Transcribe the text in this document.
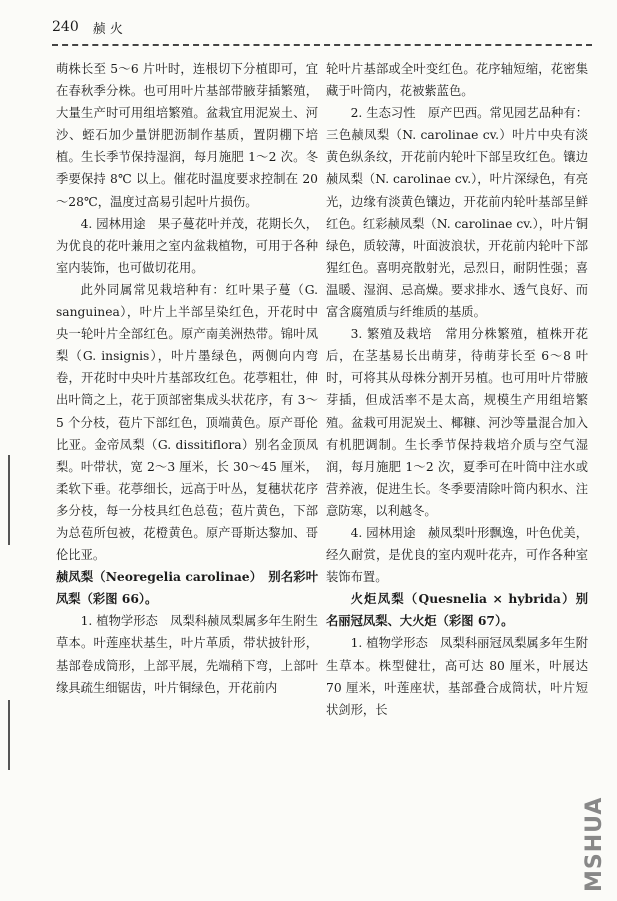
240 赪 火

萌株长至 5～6 片叶时，连根切下分植即可，宜在春秋季分株。也可用叶片基部带腋芽插繁殖，大量生产时可用组培繁殖。盆栽宜用泥炭土、河沙、蛭石加少量饼肥沥制作基质，置阴棚下培植。生长季节保持湿润，每月施肥 1～2 次。冬季要保持 8℃ 以上。催花时温度要求控制在 20～28℃，温度过高易引起叶片损伤。

4. 园林用途　果子蔓花叶并茂，花期长久，为优良的花叶兼用之室内盆栽植物，可用于各种室内装饰，也可做切花用。

此外同属常见栽培种有：红叶果子蔓（G. sanguinea），叶片上半部呈染红色，开花时中央一轮叶片全部红色。原产南美洲热带。锦叶凤梨（G. insignis），叶片墨绿色，两侧向内弯卷，开花时中央叶片基部玫红色。花葶粗壮，伸出叶筒之上，花于顶部密集成头状花序，有 3～5 个分枝，苞片下部红色，顶端黄色。原产哥伦比亚。金帝凤梨（G. dissitiflora）别名金顶凤梨。叶带状，宽 2～3 厘米，长 30～45 厘米，柔软下垂。花葶细长，远高于叶丛，复穗状花序多分枝，每一分枝具红色总苞；苞片黄色，下部为总苞所包被，花橙黄色。原产哥斯达黎加、哥伦比亚。

赪凤梨（Neoregelia carolinae）　别名彩叶凤梨（彩图 66）。

1. 植物学形态　凤梨科赪凤梨属多年生附生草本。叶莲座状基生，叶片革质，带状披针形，基部卷成筒形，上部平展，先端稍下弯，上部叶缘具疏生细锯齿，叶片铜绿色，开花前内

轮叶片基部或全叶变红色。花序轴短缩，花密集藏于叶筒内，花被紫蓝色。

2. 生态习性　原产巴西。常见园艺品种有：三色赪凤梨（N. carolinae cv.）叶片中央有淡黄色纵条纹，开花前内轮叶下部呈玫红色。镶边赪凤梨（N. carolinae cv.），叶片深绿色，有亮光，边缘有淡黄色镶边，开花前内轮叶基部呈鲜红色。红彩赪凤梨（N. carolinae cv.），叶片铜绿色，质较薄，叶面波浪状，开花前内轮叶下部猩红色。喜明亮散射光，忌烈日，耐阴性强；喜温暖、湿润、忌高燥。要求排水、透气良好、而富含腐殖质与纤维质的基质。

3. 繁殖及栽培　常用分株繁殖，植株开花后，在茎基易长出萌芽，待萌芽长至 6～8 叶时，可将其从母株分割开另植。也可用叶片带腋芽插，但成活率不是太高，规模生产用组培繁殖。盆栽可用泥炭土、椰糠、河沙等量混合加入有机肥调制。生长季节保持栽培介质与空气湿润，每月施肥 1～2 次，夏季可在叶筒中注水或营养液，促进生长。冬季要清除叶筒内积水、注意防寒，以利越冬。

4. 园林用途　赪凤梨叶形飘逸，叶色优美，经久耐赏，是优良的室内观叶花卉，可作各种室装饰布置。

火炬凤梨（Quesnelia × hybrida）别名丽冠凤梨、大火炬（彩图 67）。

1. 植物学形态　凤梨科丽冠凤梨属多年生附生草本。株型健壮，高可达 80 厘米，叶展达 70 厘米，叶莲座状，基部叠合成筒状，叶片短状剑形，长

MSHUA
